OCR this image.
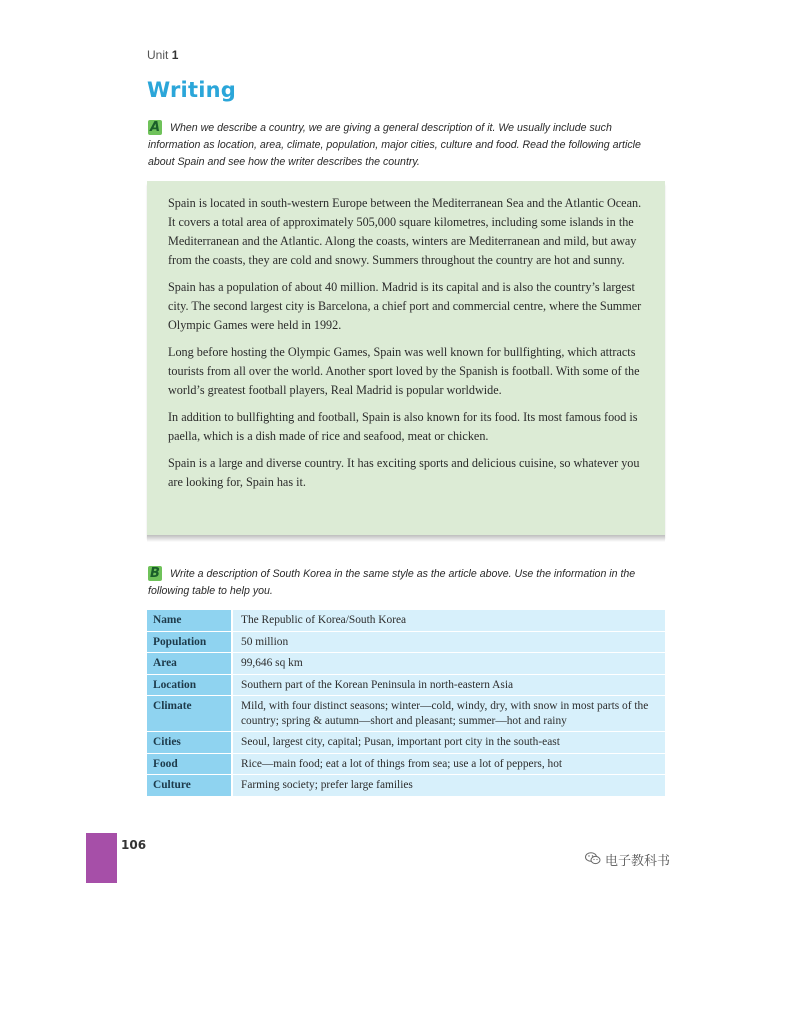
Unit 1
Writing
A When we describe a country, we are giving a general description of it. We usually include such information as location, area, climate, population, major cities, culture and food. Read the following article about Spain and see how the writer describes the country.

Spain is located in south-western Europe between the Mediterranean Sea and the Atlantic Ocean. It covers a total area of approximately 505,000 square kilometres, including some islands in the Mediterranean and the Atlantic. Along the coasts, winters are Mediterranean and mild, but away from the coasts, they are cold and snowy. Summers throughout the country are hot and sunny.

Spain has a population of about 40 million. Madrid is its capital and is also the country’s largest city. The second largest city is Barcelona, a chief port and commercial centre, where the Summer Olympic Games were held in 1992.

Long before hosting the Olympic Games, Spain was well known for bullfighting, which attracts tourists from all over the world. Another sport loved by the Spanish is football. With some of the world’s greatest football players, Real Madrid is popular worldwide.

In addition to bullfighting and football, Spain is also known for its food. Its most famous food is paella, which is a dish made of rice and seafood, meat or chicken.

Spain is a large and diverse country. It has exciting sports and delicious cuisine, so whatever you are looking for, Spain has it.

B Write a description of South Korea in the same style as the article above. Use the information in the following table to help you.
Name	The Republic of Korea/South Korea
Population	50 million
Area	99,646 sq km
Location	Southern part of the Korean Peninsula in north-eastern Asia
Climate	Mild, with four distinct seasons; winter—cold, windy, dry, with snow in most parts of the country; spring & autumn—short and pleasant; summer—hot and rainy
Cities	Seoul, largest city, capital; Pusan, important port city in the south-east
Food	Rice—main food; eat a lot of things from sea; use a lot of peppers, hot
Culture	Farming society; prefer large families
106
电子教科书
